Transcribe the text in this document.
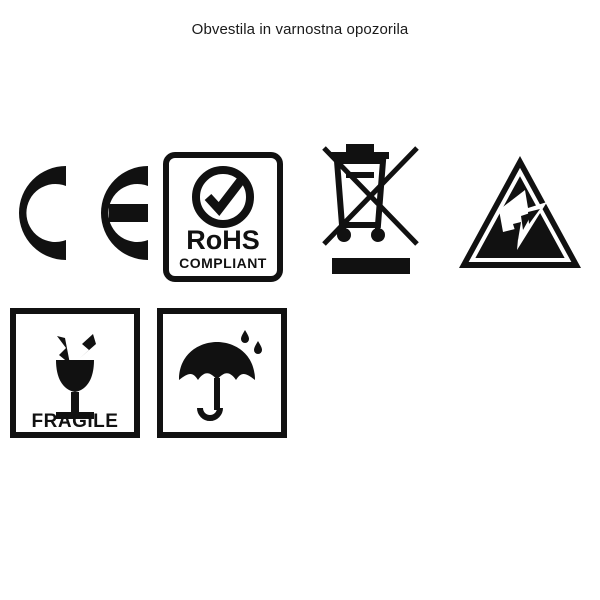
Obvestila in varnostna opozorila
RoHS
COMPLIANT
FRAGILE
